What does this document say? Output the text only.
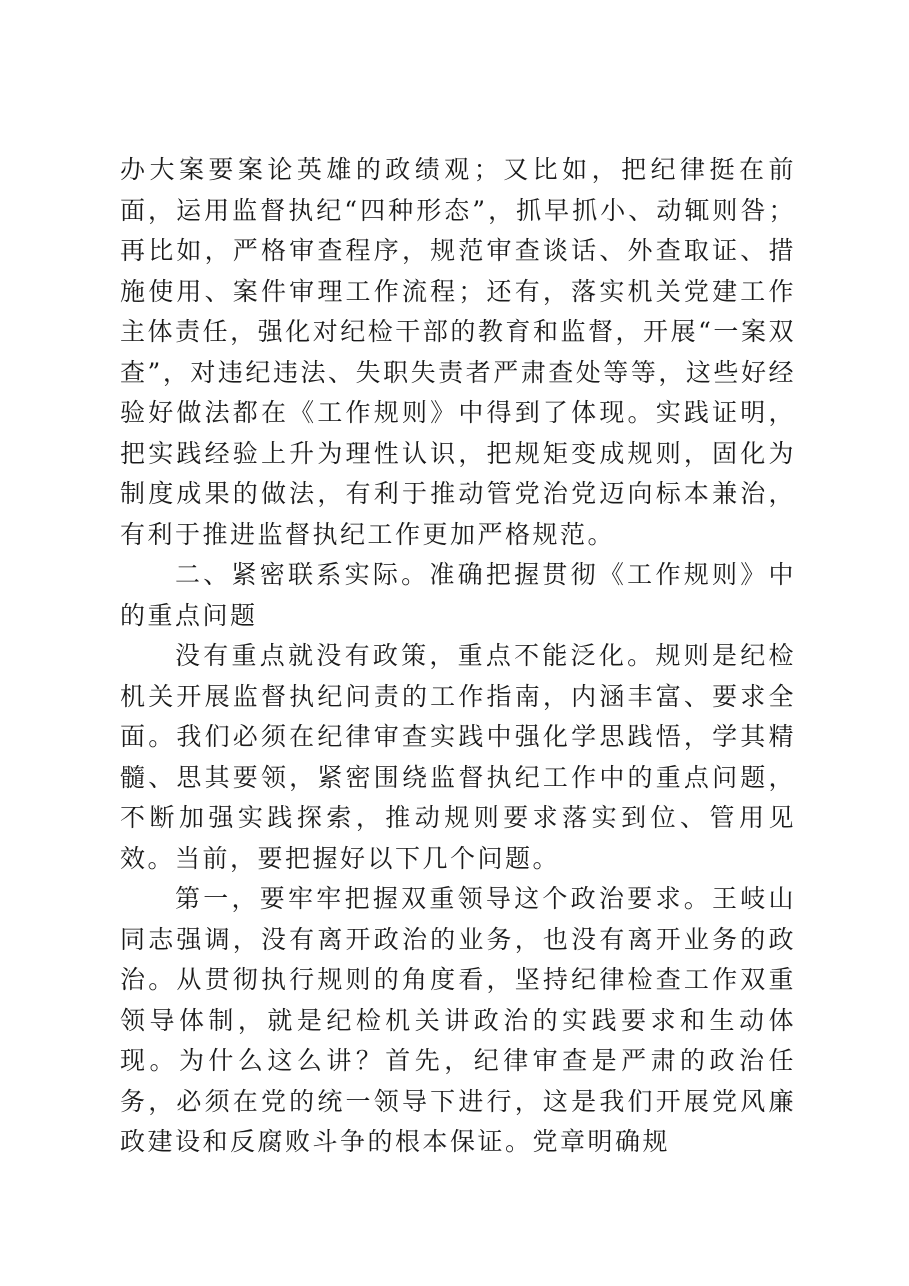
办大案要案论英雄的政绩观；又比如，把纪律挺在前面，运用监督执纪“四种形态”，抓早抓小、动辄则咎；再比如，严格审查程序，规范审查谈话、外查取证、措施使用、案件审理工作流程；还有，落实机关党建工作主体责任，强化对纪检干部的教育和监督，开展“一案双查”，对违纪违法、失职失责者严肃查处等等，这些好经验好做法都在《工作规则》中得到了体现。实践证明，把实践经验上升为理性认识，把规矩变成规则，固化为制度成果的做法，有利于推动管党治党迈向标本兼治，有利于推进监督执纪工作更加严格规范。

二、紧密联系实际。准确把握贯彻《工作规则》中的重点问题

没有重点就没有政策，重点不能泛化。规则是纪检机关开展监督执纪问责的工作指南，内涵丰富、要求全面。我们必须在纪律审查实践中强化学思践悟，学其精髓、思其要领，紧密围绕监督执纪工作中的重点问题，不断加强实践探索，推动规则要求落实到位、管用见效。当前，要把握好以下几个问题。

第一，要牢牢把握双重领导这个政治要求。王岐山同志强调，没有离开政治的业务，也没有离开业务的政治。从贯彻执行规则的角度看，坚持纪律检查工作双重领导体制，就是纪检机关讲政治的实践要求和生动体现。为什么这么讲？首先，纪律审查是严肃的政治任务，必须在党的统一领导下进行，这是我们开展党风廉政建设和反腐败斗争的根本保证。党章明确规
